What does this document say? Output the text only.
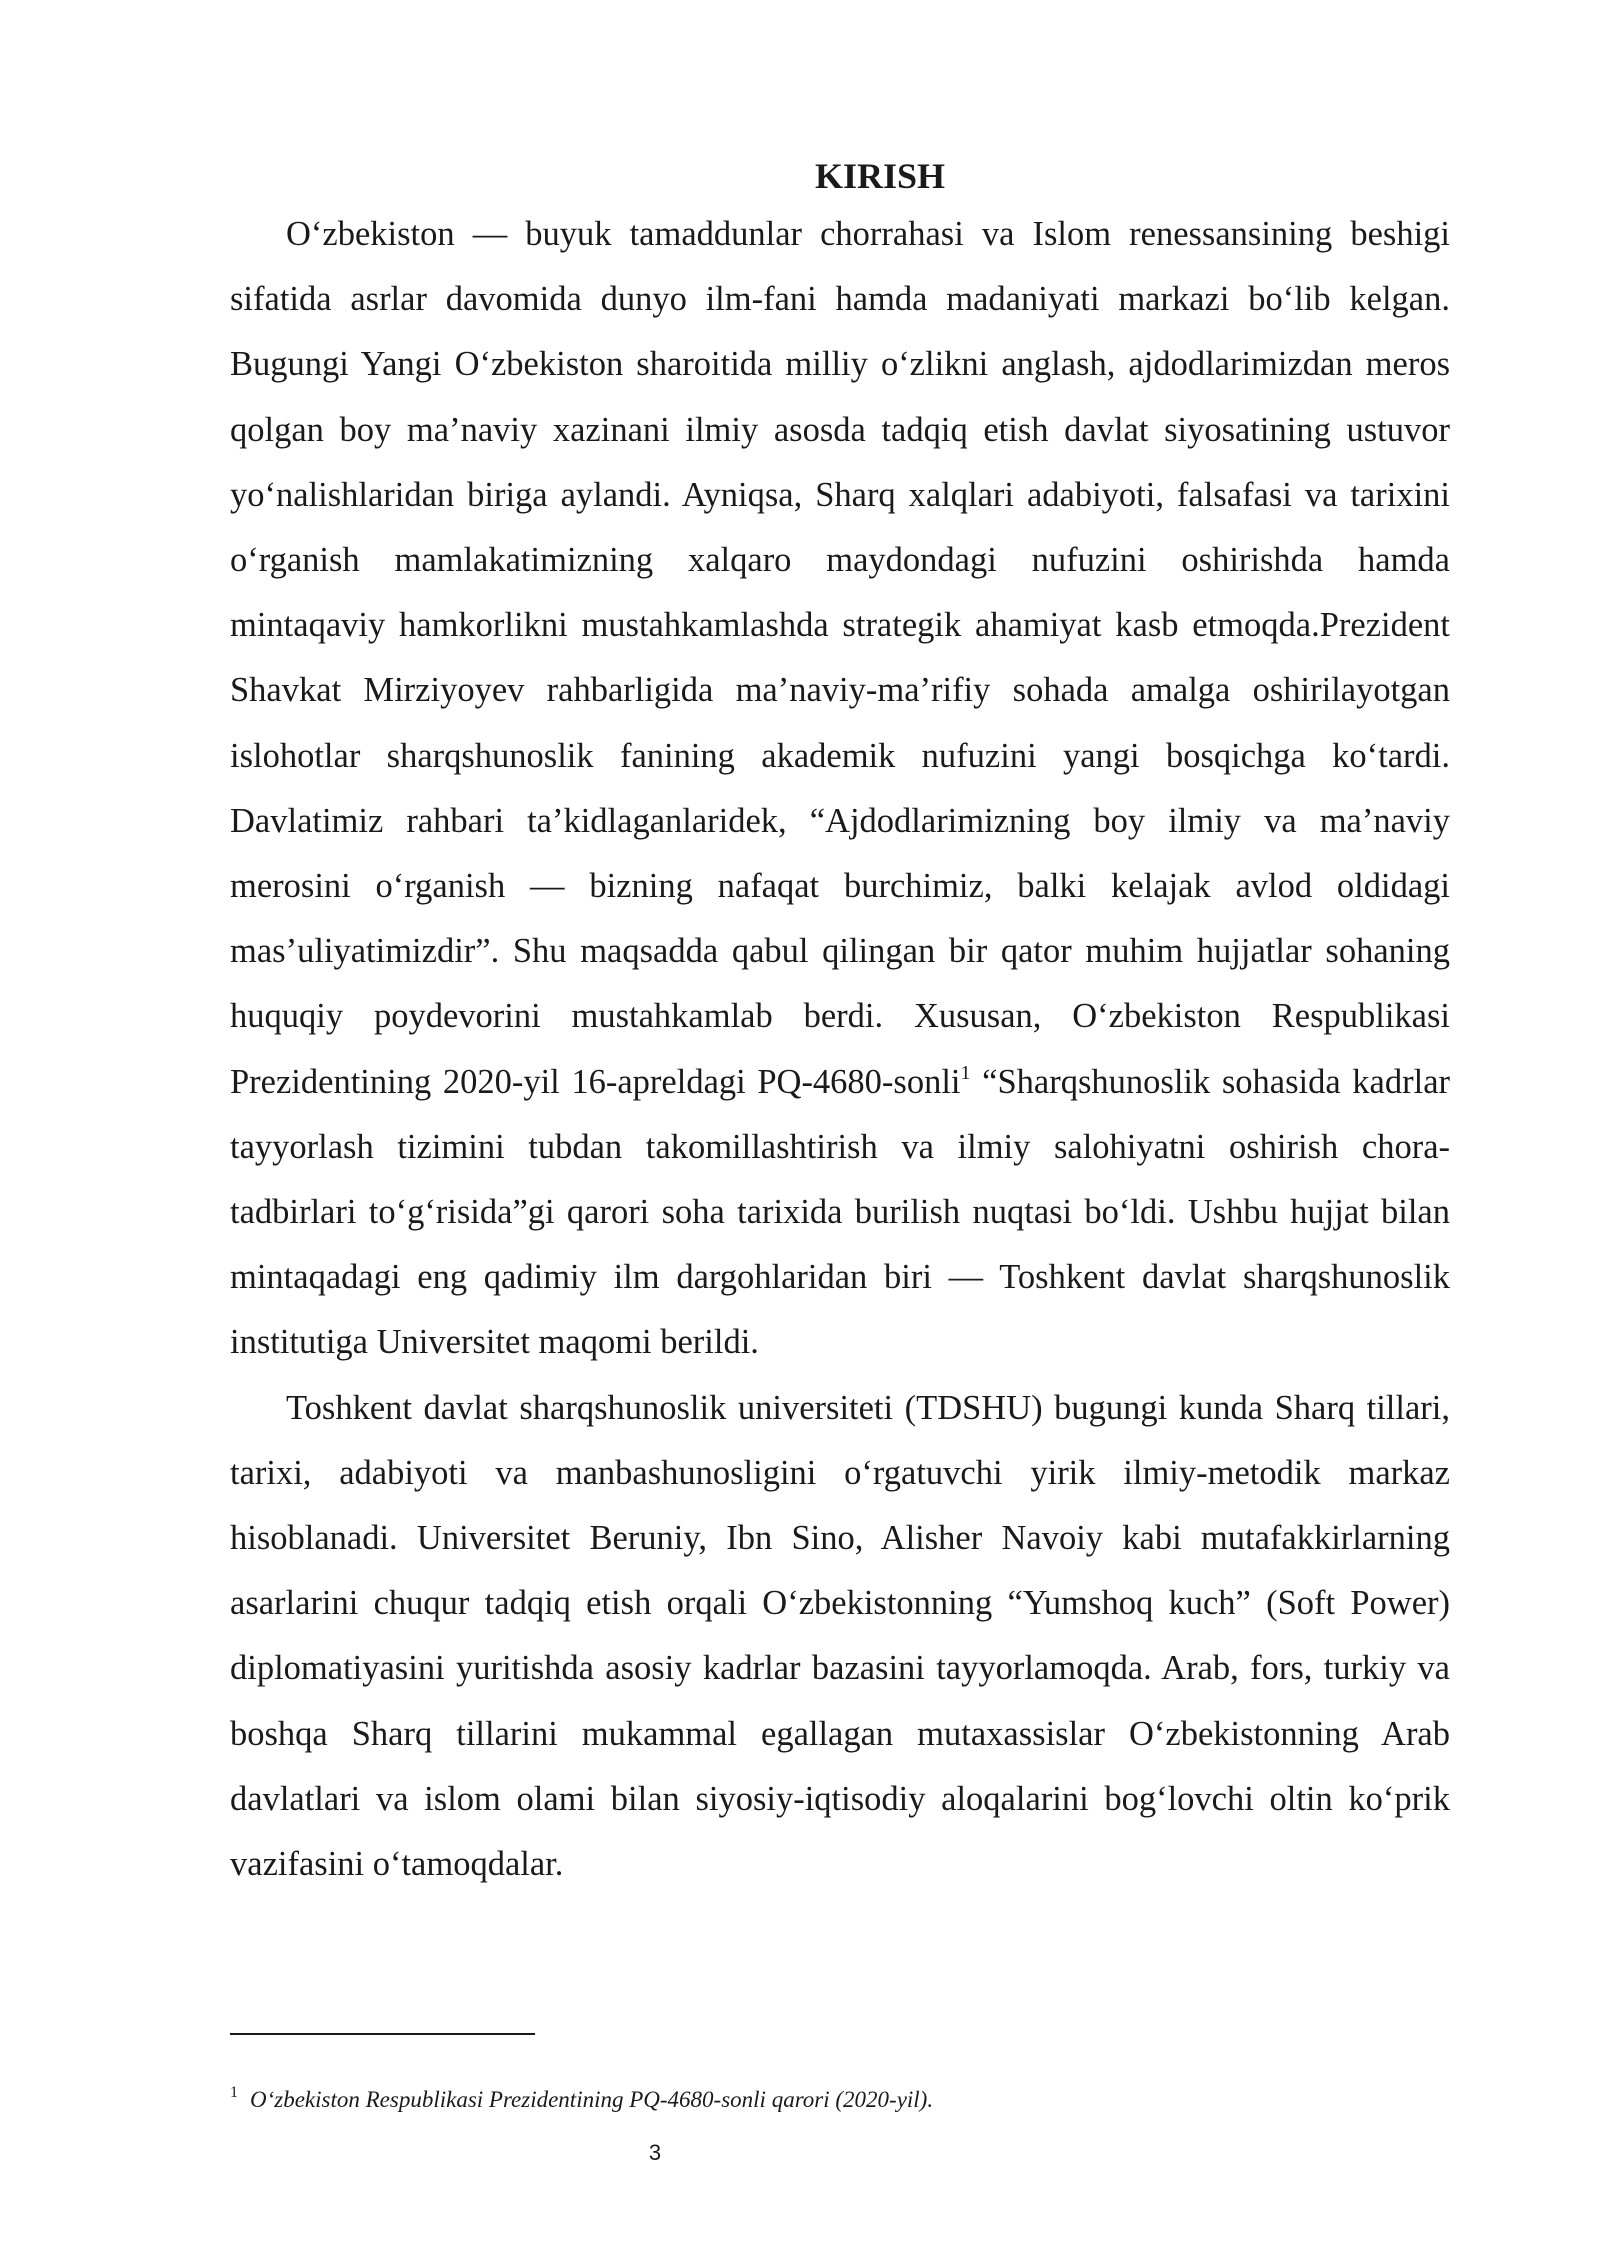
KIRISH

O‘zbekiston — buyuk tamaddunlar chorrahasi va Islom renessansining beshigi sifatida asrlar davomida dunyo ilm-fani hamda madaniyati markazi bo‘lib kelgan. Bugungi Yangi O‘zbekiston sharoitida milliy o‘zlikni anglash, ajdodlarimizdan meros qolgan boy ma’naviy xazinani ilmiy asosda tadqiq etish davlat siyosatining ustuvor yo‘nalishlaridan biriga aylandi. Ayniqsa, Sharq xalqlari adabiyoti, falsafasi va tarixini o‘rganish mamlakatimizning xalqaro maydondagi nufuzini oshirishda hamda mintaqaviy hamkorlikni mustahkamlashda strategik ahamiyat kasb etmoqda.Prezident Shavkat Mirziyoyev rahbarligida ma’naviy-ma’rifiy sohada amalga oshirilayotgan islohotlar sharqshunoslik fanining akademik nufuzini yangi bosqichga ko‘tardi. Davlatimiz rahbari ta’kidlaganlaridek, “Ajdodlarimizning boy ilmiy va ma’naviy merosini o‘rganish — bizning nafaqat burchimiz, balki kelajak avlod oldidagi mas’uliyatimizdir”. Shu maqsadda qabul qilingan bir qator muhim hujjatlar sohaning huquqiy poydevorini mustahkamlab berdi. Xususan, O‘zbekiston Respublikasi Prezidentining 2020-yil 16-apreldagi PQ-4680-sonli$^1$ “Sharqshunoslik sohasida kadrlar tayyorlash tizimini tubdan takomillashtirish va ilmiy salohiyatni oshirish chora-tadbirlari to‘g‘risida”gi qarori soha tarixida burilish nuqtasi bo‘ldi. Ushbu hujjat bilan mintaqadagi eng qadimiy ilm dargohlaridan biri — Toshkent davlat sharqshunoslik institutiga Universitet maqomi berildi.

Toshkent davlat sharqshunoslik universiteti (TDSHU) bugungi kunda Sharq tillari, tarixi, adabiyoti va manbashunosligini o‘rgatuvchi yirik ilmiy-metodik markaz hisoblanadi. Universitet Beruniy, Ibn Sino, Alisher Navoiy kabi mutafakkirlarning asarlarini chuqur tadqiq etish orqali O‘zbekistonning “Yumshoq kuch” (Soft Power) diplomatiyasini yuritishda asosiy kadrlar bazasini tayyorlamoqda. Arab, fors, turkiy va boshqa Sharq tillarini mukammal egallagan mutaxassislar O‘zbekistonning Arab davlatlari va islom olami bilan siyosiy-iqtisodiy aloqalarini bog‘lovchi oltin ko‘prik vazifasini o‘tamoqdalar.

$^1$ O‘zbekiston Respublikasi Prezidentining PQ-4680-sonli qarori (2020-yil).
3
